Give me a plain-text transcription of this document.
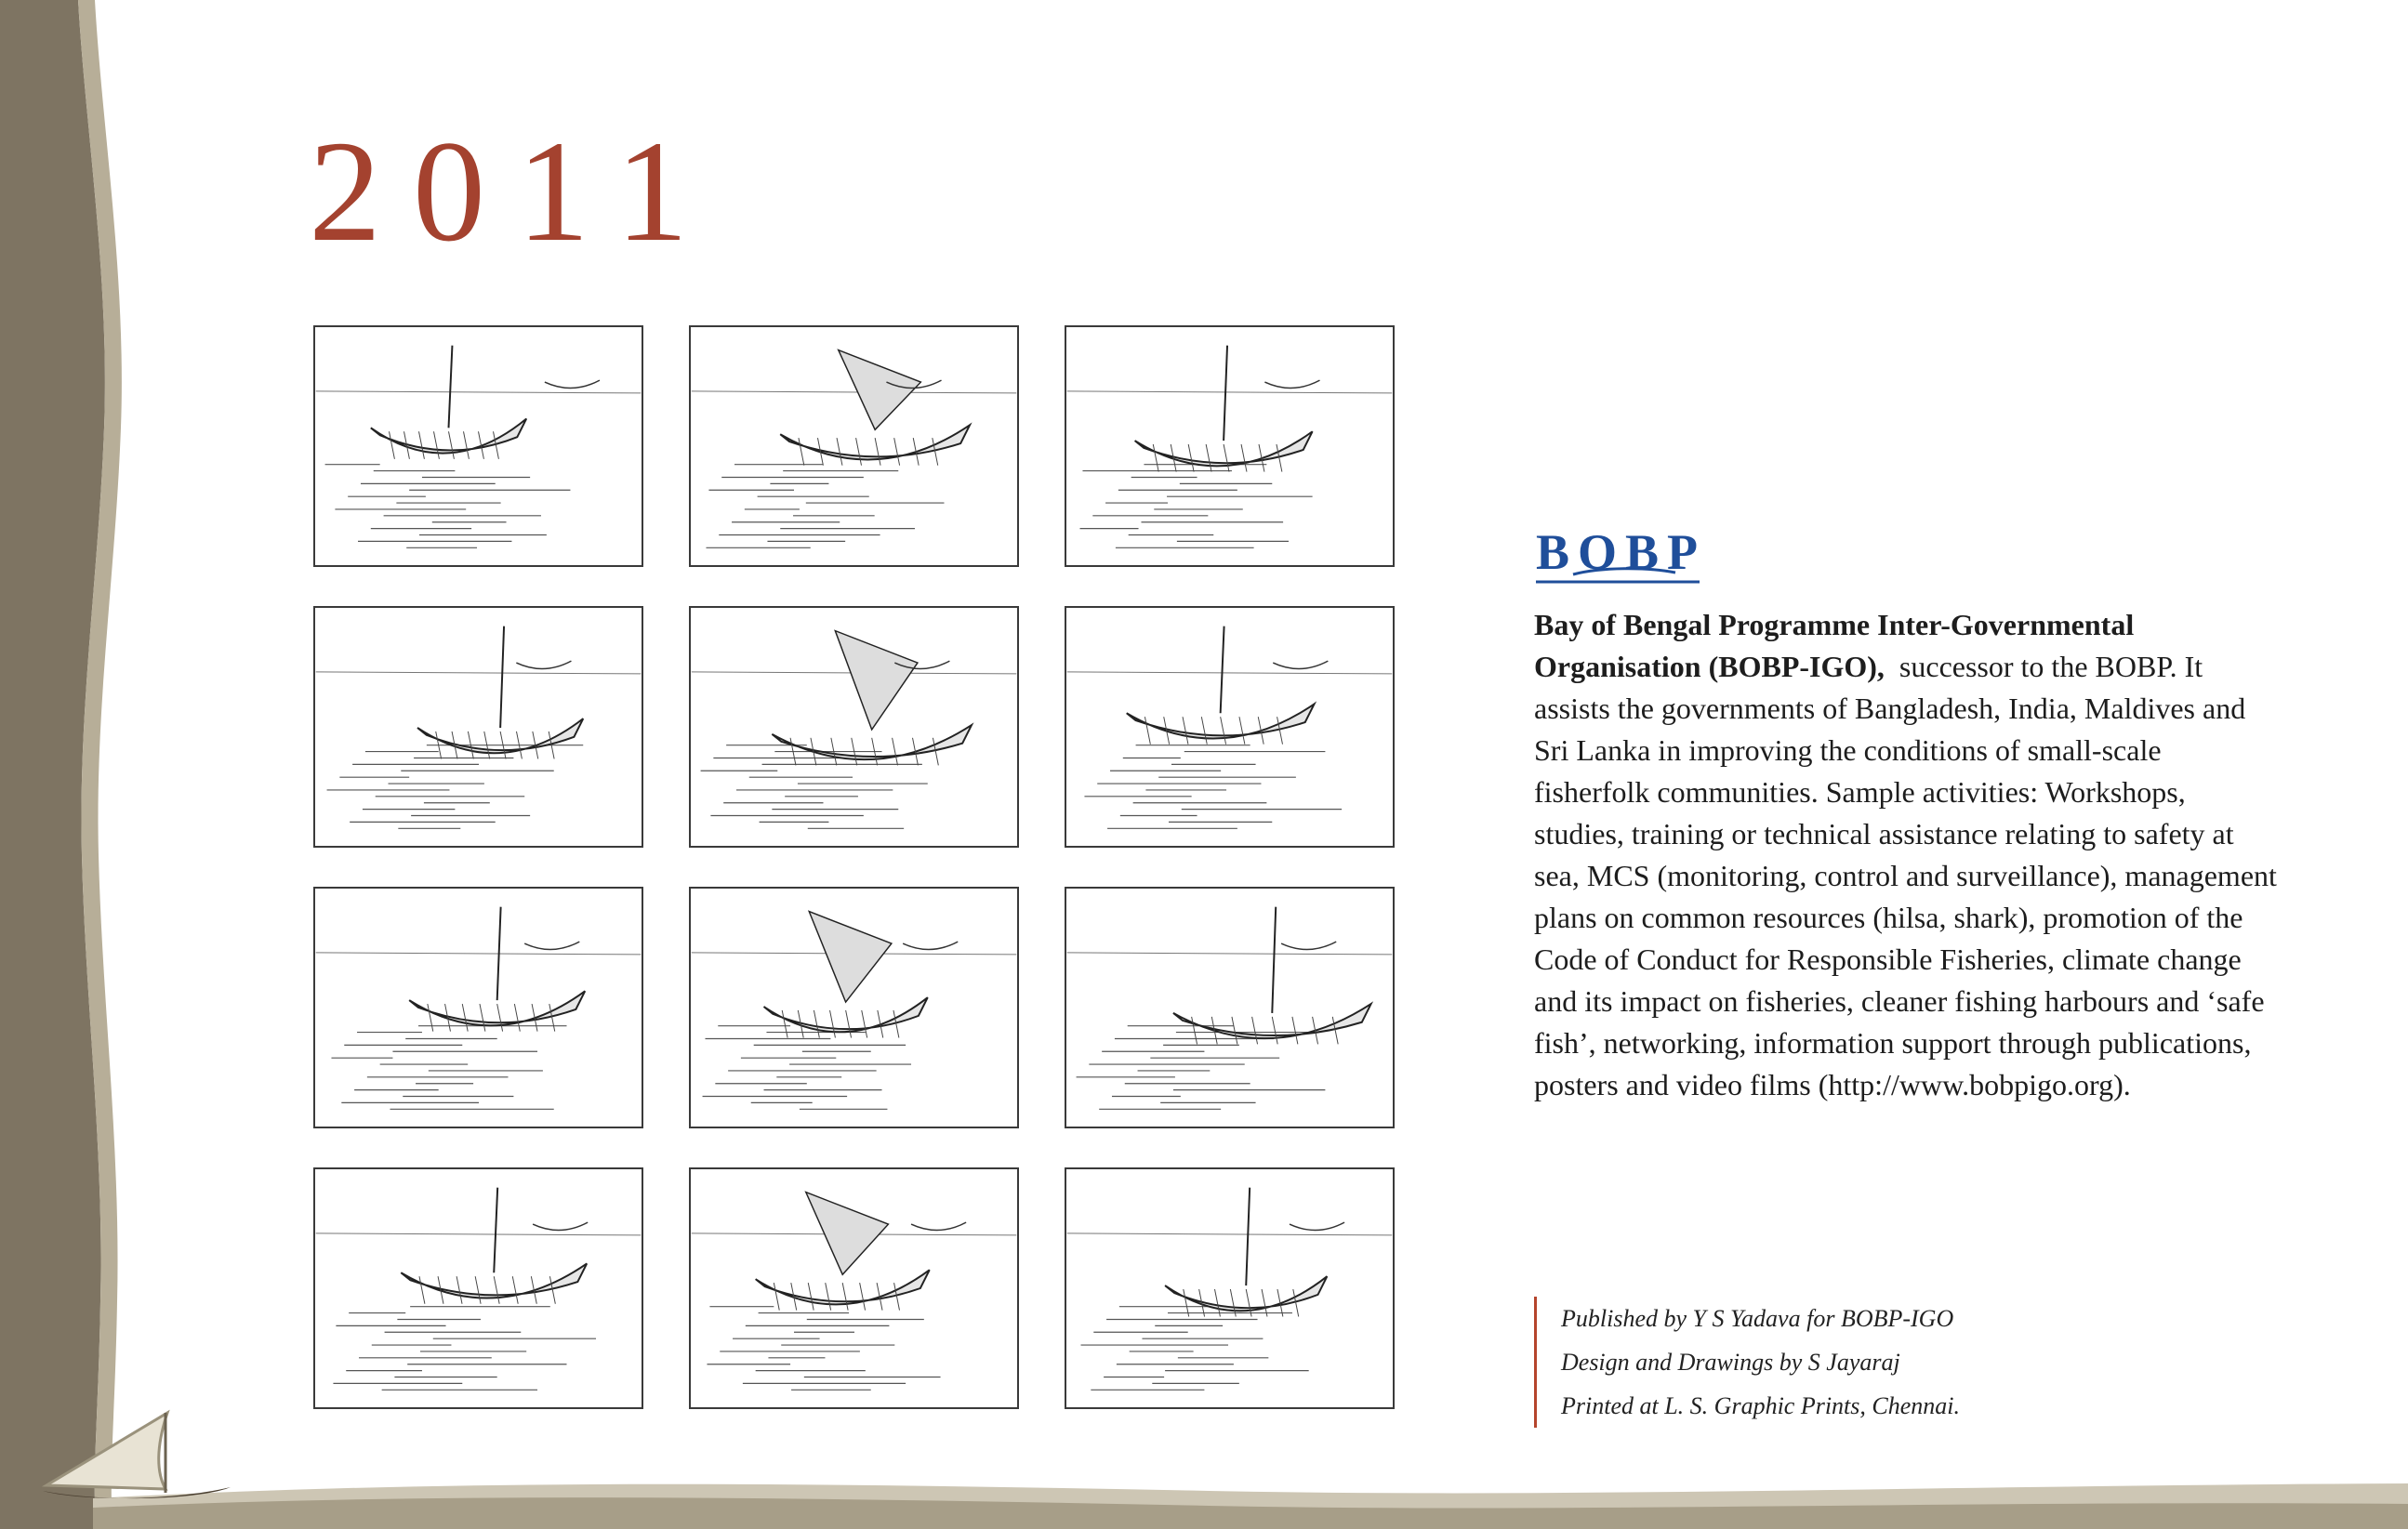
2011
BOBP
Bay of Bengal Programme Inter-Governmental Organisation (BOBP-IGO), successor to the BOBP. It assists the governments of Bangladesh, India, Maldives and Sri Lanka in improving the conditions of small-scale fisherfolk communities. Sample activities: Workshops, studies, training or technical assistance relating to safety at sea, MCS (monitoring, control and surveillance), management plans on common resources (hilsa, shark), promotion of the Code of Conduct for Responsible Fisheries, climate change and its impact on fisheries, cleaner fishing harbours and ‘safe fish’, networking, information support through publications, posters and video films (http://www.bobpigo.org).
Published by Y S Yadava for BOBP-IGO
Design and Drawings by S Jayaraj
Printed at L. S. Graphic Prints, Chennai.
